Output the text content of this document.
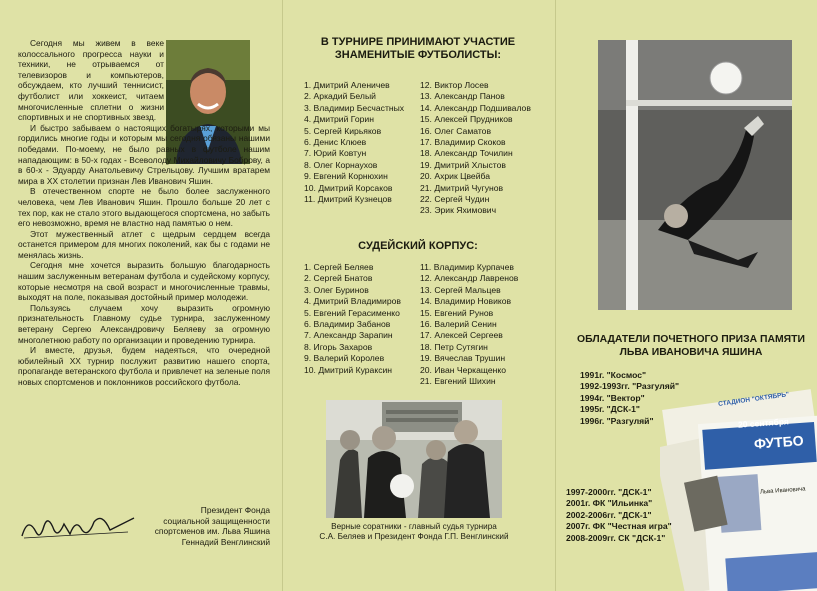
Сегодня мы живем в веке колоссального прогресса науки и техники, не отрываемся от телевизоров и компьютеров, обсуждаем, кто лучший теннисист, футболист или хоккеист, читаем многочисленные сплетни о жизни спортивных и не спортивных звезд.

И быстро забываем о настоящих богатырях, которыми мы гордились многие годы и которым мы сегодня обязаны нашими победами. По-моему, не было равных в футболе нашим нападающим: в 50-х годах - Всеволоду Михайловичу Боброву, а в 60-х - Эдуарду Анатольевичу Стрельцову. Лучшим вратарем мира в XX столетии признан Лев Иванович Яшин.

В отечественном спорте не было более заслуженного человека, чем Лев Иванович Яшин. Прошло больше 20 лет с тех пор, как не стало этого выдающегося спортсмена, но забыть его невозможно, время не властно над памятью о нем.

Этот мужественный атлет с щедрым сердцем всегда останется примером для многих поколений, как бы с годами не менялась жизнь.

Сегодня мне хочется выразить большую благодарность нашим заслуженным ветеранам футбола и судейскому корпусу, которые несмотря на свой возраст и многочисленные травмы, выходят на поле, показывая достойный пример молодежи.

Пользуясь случаем хочу выразить огромную признательность Главному судье турнира, заслуженному ветерану Сергею Александровичу Беляеву за огромную многолетнюю работу по организации и проведению турнира.

И вместе, друзья, будем надеяться, что очередной юбилейный XX турнир послужит развитию нашего спорта, пропаганде ветеранского футбола и привлечет на зеленые поля новых спортсменов и поклонников российского футбола.

Президент Фонда
социальной защищенности
спортсменов им. Льва Яшина
Геннадий Венглинский
В ТУРНИРЕ ПРИНИМАЮТ УЧАСТИЕ
ЗНАМЕНИТЫЕ ФУТБОЛИСТЫ:
1. Дмитрий Аленичев
2. Аркадий Белый
3. Владимир Бесчастных
4. Дмитрий Горин
5. Сергей Кирьяков
6. Денис Клюев
7. Юрий Ковтун
8. Олег Корнаухов
9. Евгений Корнюхин
10. Дмитрий Корсаков
11. Дмитрий Кузнецов
12. Виктор Лосев
13. Александр Панов
14. Александр Подшивалов
15. Алексей Прудников
16. Олег Саматов
17. Владимир Скоков
18. Александр Точилин
19. Дмитрий Хлыстов
20. Ахрик Цвейба
21. Дмитрий Чугунов
22. Сергей Чудин
23. Эрик Яхимович
СУДЕЙСКИЙ КОРПУС:
1. Сергей Беляев
2. Сергей Бнатов
3. Олег Буринов
4. Дмитрий Владимиров
5. Евгений Герасименко
6. Владимир Забанов
7. Александр Зарапин
8. Игорь Захаров
9. Валерий Королев
10. Дмитрий Кураксин
11. Владимир Курпачев
12. Александр Лавренов
13. Сергей Мальцев
14. Владимир Новиков
15. Евгений Рунов
16. Валерий Сенин
17. Алексей Сергеев
18. Петр Сутягин
19. Вячеслав Трушин
20. Иван Черкащенко
21. Евгений Шихин
Верные соратники - главный судья турнира
С.А. Беляев и Президент Фонда Г.П. Венглинский
ОБЛАДАТЕЛИ ПОЧЕТНОГО ПРИЗА ПАМЯТИ
ЛЬВА ИВАНОВИЧА ЯШИНА
СТАДИОН "ОКТЯБРЬ"
20 сентября
ФУТБО
Льва Ивановича
1991г. "Космос"
1992-1993гг. "Разгуляй"
1994г. "Вектор"
1995г. "ДСК-1"
1996г. "Разгуляй"
1997-2000гг. "ДСК-1"
2001г. ФК "Ильинка"
2002-2006гг. "ДСК-1"
2007г. ФК "Честная игра"
2008-2009гг. СК "ДСК-1"
